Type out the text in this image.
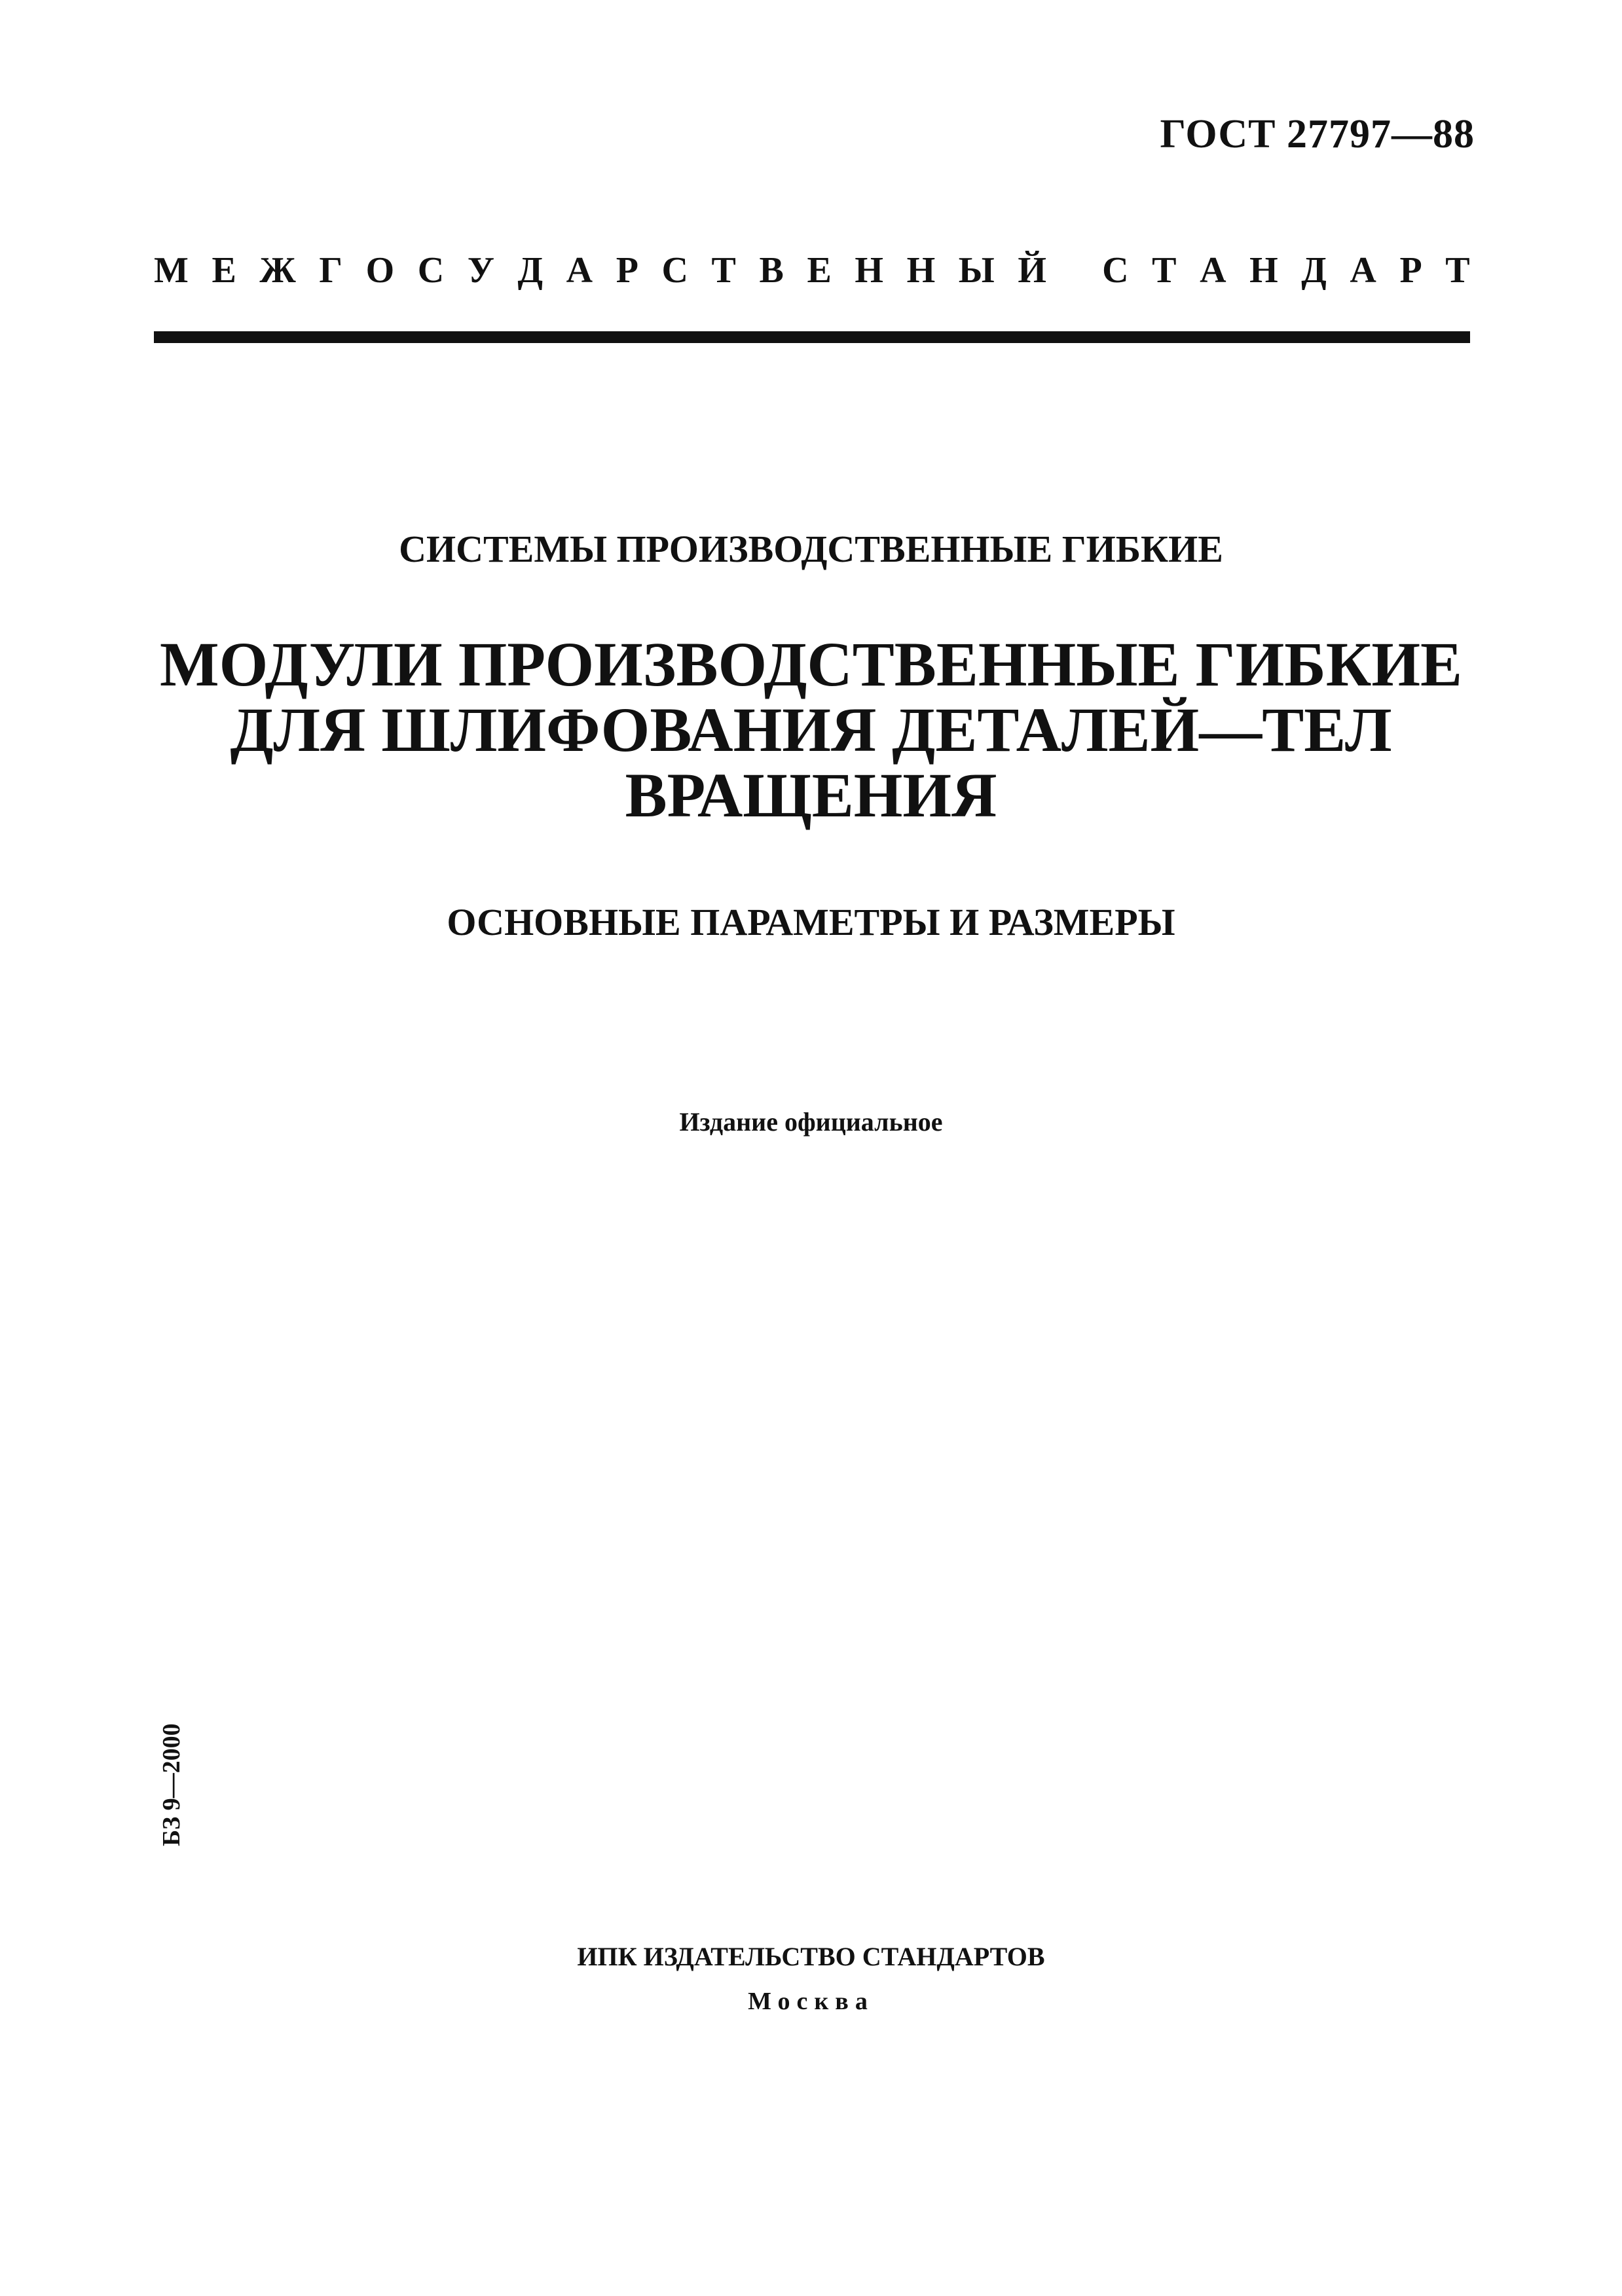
ГОСТ 27797—88
М Е Ж Г О С У Д А Р С Т В Е Н Н Ы Й
С Т А Н Д А Р Т
СИСТЕМЫ ПРОИЗВОДСТВЕННЫЕ ГИБКИЕ
МОДУЛИ ПРОИЗВОДСТВЕННЫЕ ГИБКИЕ
ДЛЯ ШЛИФОВАНИЯ ДЕТАЛЕЙ—ТЕЛ
ВРАЩЕНИЯ
ОСНОВНЫЕ ПАРАМЕТРЫ И РАЗМЕРЫ
Издание официальное
БЗ 9—2000
ИПК ИЗДАТЕЛЬСТВО СТАНДАРТОВ
Москва
